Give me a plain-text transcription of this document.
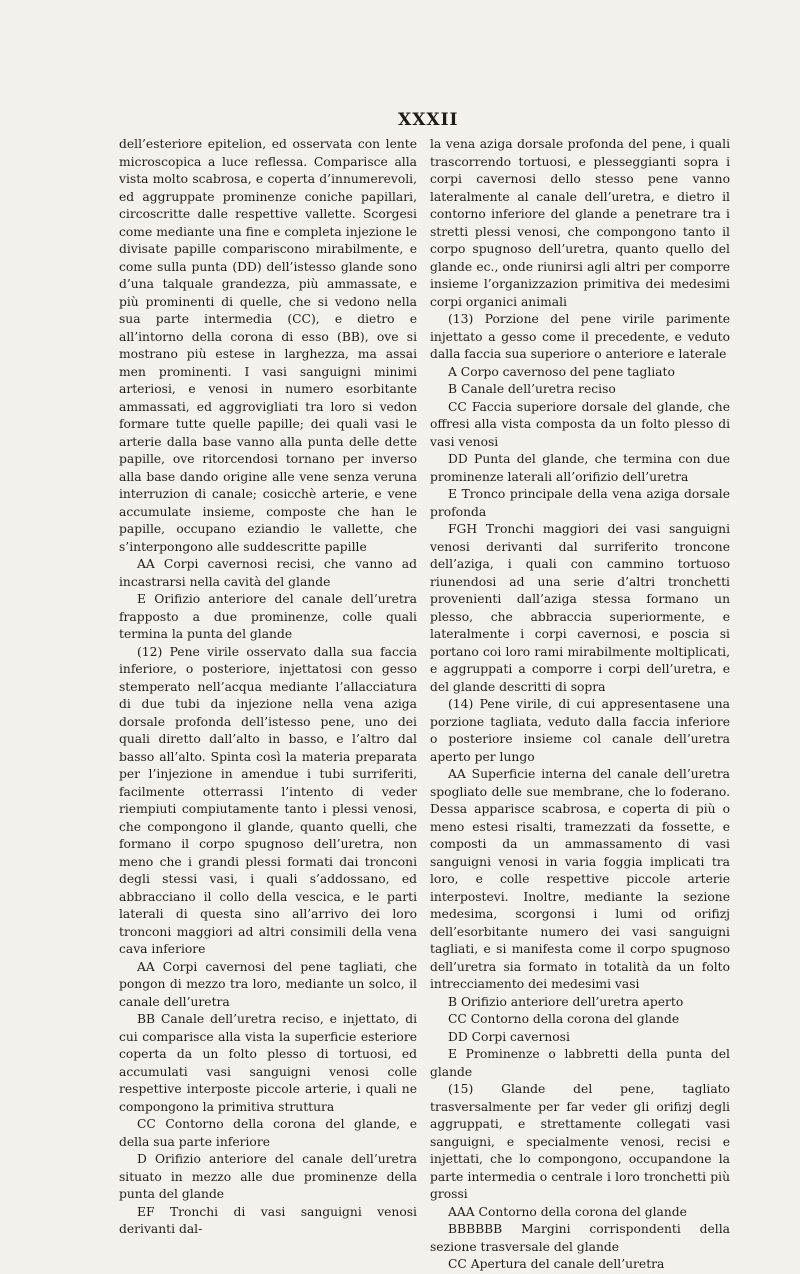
XXXII

dell’esteriore epitelion, ed osservata con lente microscopica a luce reflessa. Comparisce alla vista molto scabrosa, e coperta d’innumerevoli, ed aggruppate prominenze coniche papillari, circoscritte dalle respettive vallette. Scorgesi come mediante una fine e completa injezione le divisate papille compariscono mirabilmente, e come sulla punta (DD) dell’istesso glande sono d’una talquale grandezza, più ammassate, e più prominenti di quelle, che si vedono nella sua parte intermedia (CC), e dietro e all’intorno della corona di esso (BB), ove si mostrano più estese in larghezza, ma assai men prominenti. I vasi sanguigni minimi arteriosi, e venosi in numero esorbitante ammassati, ed aggrovigliati tra loro si vedon formare tutte quelle papille; dei quali vasi le arterie dalla base vanno alla punta delle dette papille, ove ritorcendosi tornano per inverso alla base dando origine alle vene senza veruna interruzion di canale; cosicchè arterie, e vene accumulate insieme, composte che han le papille, occupano eziandio le vallette, che s’interpongono alle suddescritte papille

AA Corpi cavernosi recisi, che vanno ad incastrarsi nella cavità del glande

E Orifizio anteriore del canale dell’uretra frapposto a due prominenze, colle quali termina la punta del glande

(12) Pene virile osservato dalla sua faccia inferiore, o posteriore, injettatosi con gesso stemperato nell’acqua mediante l’allacciatura di due tubi da injezione nella vena aziga dorsale profonda dell’istesso pene, uno dei quali diretto dall’alto in basso, e l’altro dal basso all’alto. Spinta così la materia preparata per l’injezione in amendue i tubi surriferiti, facilmente otterrassi l’intento di veder riempiuti compiutamente tanto i plessi venosi, che compongono il glande, quanto quelli, che formano il corpo spugnoso dell’uretra, non meno che i grandi plessi formati dai tronconi degli stessi vasi, i quali s’addossano, ed abbracciano il collo della vescica, e le parti laterali di questa sino all’arrivo dei loro tronconi maggiori ad altri consimili della vena cava inferiore

AA Corpi cavernosi del pene tagliati, che pongon di mezzo tra loro, mediante un solco, il canale dell’uretra

BB Canale dell’uretra reciso, e injettato, di cui comparisce alla vista la superficie esteriore coperta da un folto plesso di tortuosi, ed accumulati vasi sanguigni venosi colle respettive interposte piccole arterie, i quali ne compongono la primitiva struttura

CC Contorno della corona del glande, e della sua parte inferiore

D Orifizio anteriore del canale dell’uretra situato in mezzo alle due prominenze della punta del glande

EF Tronchi di vasi sanguigni venosi derivanti dal-

la vena aziga dorsale profonda del pene, i quali trascorrendo tortuosi, e plesseggianti sopra i corpi cavernosi dello stesso pene vanno lateralmente al canale dell’uretra, e dietro il contorno inferiore del glande a penetrare tra i stretti plessi venosi, che compongono tanto il corpo spugnoso dell’uretra, quanto quello del glande ec., onde riunirsi agli altri per comporre insieme l’organizzazion primitiva dei medesimi corpi organici animali

(13) Porzione del pene virile parimente injettato a gesso come il precedente, e veduto dalla faccia sua superiore o anteriore e laterale

A Corpo cavernoso del pene tagliato

B Canale dell’uretra reciso

CC Faccia superiore dorsale del glande, che offresi alla vista composta da un folto plesso di vasi venosi

DD Punta del glande, che termina con due prominenze laterali all’orifizio dell’uretra

E Tronco principale della vena aziga dorsale profonda

FGH Tronchi maggiori dei vasi sanguigni venosi derivanti dal surriferito troncone dell’aziga, i quali con cammino tortuoso riunendosi ad una serie d’altri tronchetti provenienti dall’aziga stessa formano un plesso, che abbraccia superiormente, e lateralmente i corpi cavernosi, e poscia si portano coi loro rami mirabilmente moltiplicati, e aggruppati a comporre i corpi dell’uretra, e del glande descritti di sopra

(14) Pene virile, di cui appresentasene una porzione tagliata, veduto dalla faccia inferiore o posteriore insieme col canale dell’uretra aperto per lungo

AA Superficie interna del canale dell’uretra spogliato delle sue membrane, che lo foderano. Dessa apparisce scabrosa, e coperta di più o meno estesi risalti, tramezzati da fossette, e composti da un ammassamento di vasi sanguigni venosi in varia foggia implicati tra loro, e colle respettive piccole arterie interpostevi. Inoltre, mediante la sezione medesima, scorgonsi i lumi od orifizj dell’esorbitante numero dei vasi sanguigni tagliati, e si manifesta come il corpo spugnoso dell’uretra sia formato in totalità da un folto intrecciamento dei medesimi vasi

B Orifizio anteriore dell’uretra aperto

CC Contorno della corona del glande

DD Corpi cavernosi

E Prominenze o labbretti della punta del glande

(15) Glande del pene, tagliato trasversalmente per far veder gli orifizj degli aggruppati, e strettamente collegati vasi sanguigni, e specialmente venosi, recisi e injettati, che lo compongono, occupandone la parte intermedia o centrale i loro tronchetti più grossi

AAA Contorno della corona del glande

BBBBBB Margini corrispondenti della sezione trasversale del glande

CC Apertura del canale dell’uretra
